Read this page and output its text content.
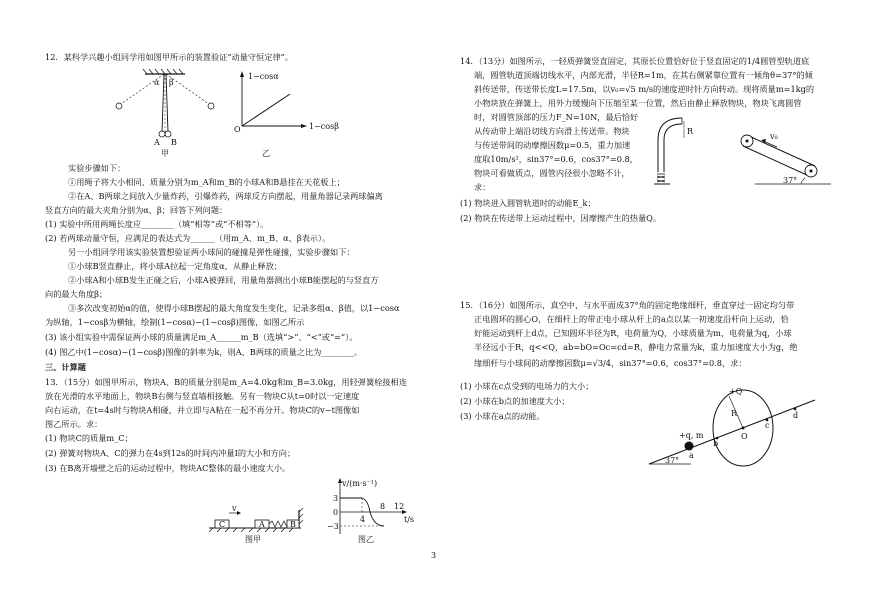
12．某科学兴趣小组同学用如图甲所示的装置验证“动量守恒定律”。
α β
A B
甲
1−cosα
1−cosβ
O
乙
实验步骤如下：
①用绳子将大小相同、质量分别为m_A和m_B的小球A和B悬挂在天花板上；
②在A、B两球之间放入少量炸药，引爆炸药，两球反方向摆起，用量角器记录两球偏离
竖直方向的最大夹角分别为α、β；回答下列问题：
(1) 实验中所用两绳长度应________（填“相等”或“不相等”）。
(2) 若两球动量守恒，应满足的表达式为______（用m_A、m_B、α、β表示）。
另一小组同学用该实验装置想验证两小球间的碰撞是弹性碰撞，实验步骤如下：
①小球B竖直静止，将小球A拉起一定角度α，从静止释放；
②小球A和小球B发生正碰之后，小球A被弹回，用量角器测出小球B能摆起的与竖直方
向的最大角度β；
③多次改变初始α的值，使得小球B摆起的最大角度发生变化，记录多组α、β值，以1−cosα
为纵轴，1−cosβ为横轴，绘制(1−cosα)−(1−cosβ)图像，如图乙所示
(3) 该小组实验中需保证两小球的质量满足m_A______m_B（选填“>”、“<”或“=”）。
(4) 图乙中(1−cosα)−(1−cosβ)图像的斜率为k，则A、B两球的质量之比为________。
三、计算题
13．（15分）如图甲所示，物块A、B的质量分别是m_A=4.0kg和m_B=3.0kg，用轻弹簧栓接相连
放在光滑的水平地面上，物块B右侧与竖直墙相接触。另有一物块C从t=0时以一定速度
向右运动，在t=4s时与物块A相碰，并立即与A粘在一起不再分开。物块C的v−t图像如
图乙所示。求：
(1) 物块C的质量m_C；
(2) 弹簧对物块A、C的弹力在4s到12s的时间内冲量I的大小和方向；
(3) 在B离开墙壁之后的运动过程中，物块AC整体的最小速度大小。
C	A	B
v
图甲
v/(m·s⁻¹)
t/s
3
0
−3
4
8 12
图乙
14．（13分）如图所示，一轻质弹簧竖直固定，其原长位置恰好位于竖直固定的1/4圆管型轨道底
端，圆管轨道顶端切线水平，内部光滑，半径R=1m，在其右侧紧靠位置有一倾角θ=37°的倾
斜传送带，传送带长度L=17.5m，以v₀=√5 m/s的速度逆时针方向转动。现将质量m=1kg的
小物块放在弹簧上，用外力缓慢向下压缩至某一位置，然后由静止释放物块，物块飞离圆管
时，对圆管顶部的压力F_N=10N，最后恰好
从传动带上端沿切线方向滑上传送带。物块
与传送带间的动摩擦因数μ=0.5，重力加速
度取10m/s²，sin37°=0.6，cos37°=0.8，
物块可看做质点，圆管内径很小忽略不计，
求：
(1) 物块进入圆管轨道时的动能E_k；
(2) 物块在传送带上运动过程中，因摩擦产生的热量Q。
R
v₀
37°
15．（16分）如图所示，真空中，与水平面成37°角的固定绝缘细杆，垂直穿过一固定均匀带
正电圆环的圆心O，在细杆上的带正电小球从杆上的a点以某一初速度沿杆向上运动，恰
好能运动到杆上d点，已知圆环半径为R，电荷量为Q，小球质量为m，电荷量为q，小球
半径远小于R，q<<Q，ab=bO=Oc=cd=R，静电力常量为k，重力加速度大小为g，绝
缘细杆与小球间的动摩擦因数μ=√3/4，sin37°=0.6，cos37°=0.8，求：
(1) 小球在c点受到的电场力的大小；
(2) 小球在b点的加速度大小；
(3) 小球在a点的动能。
+Q
+q, m
R
O
a
b
c
d
37°
3
